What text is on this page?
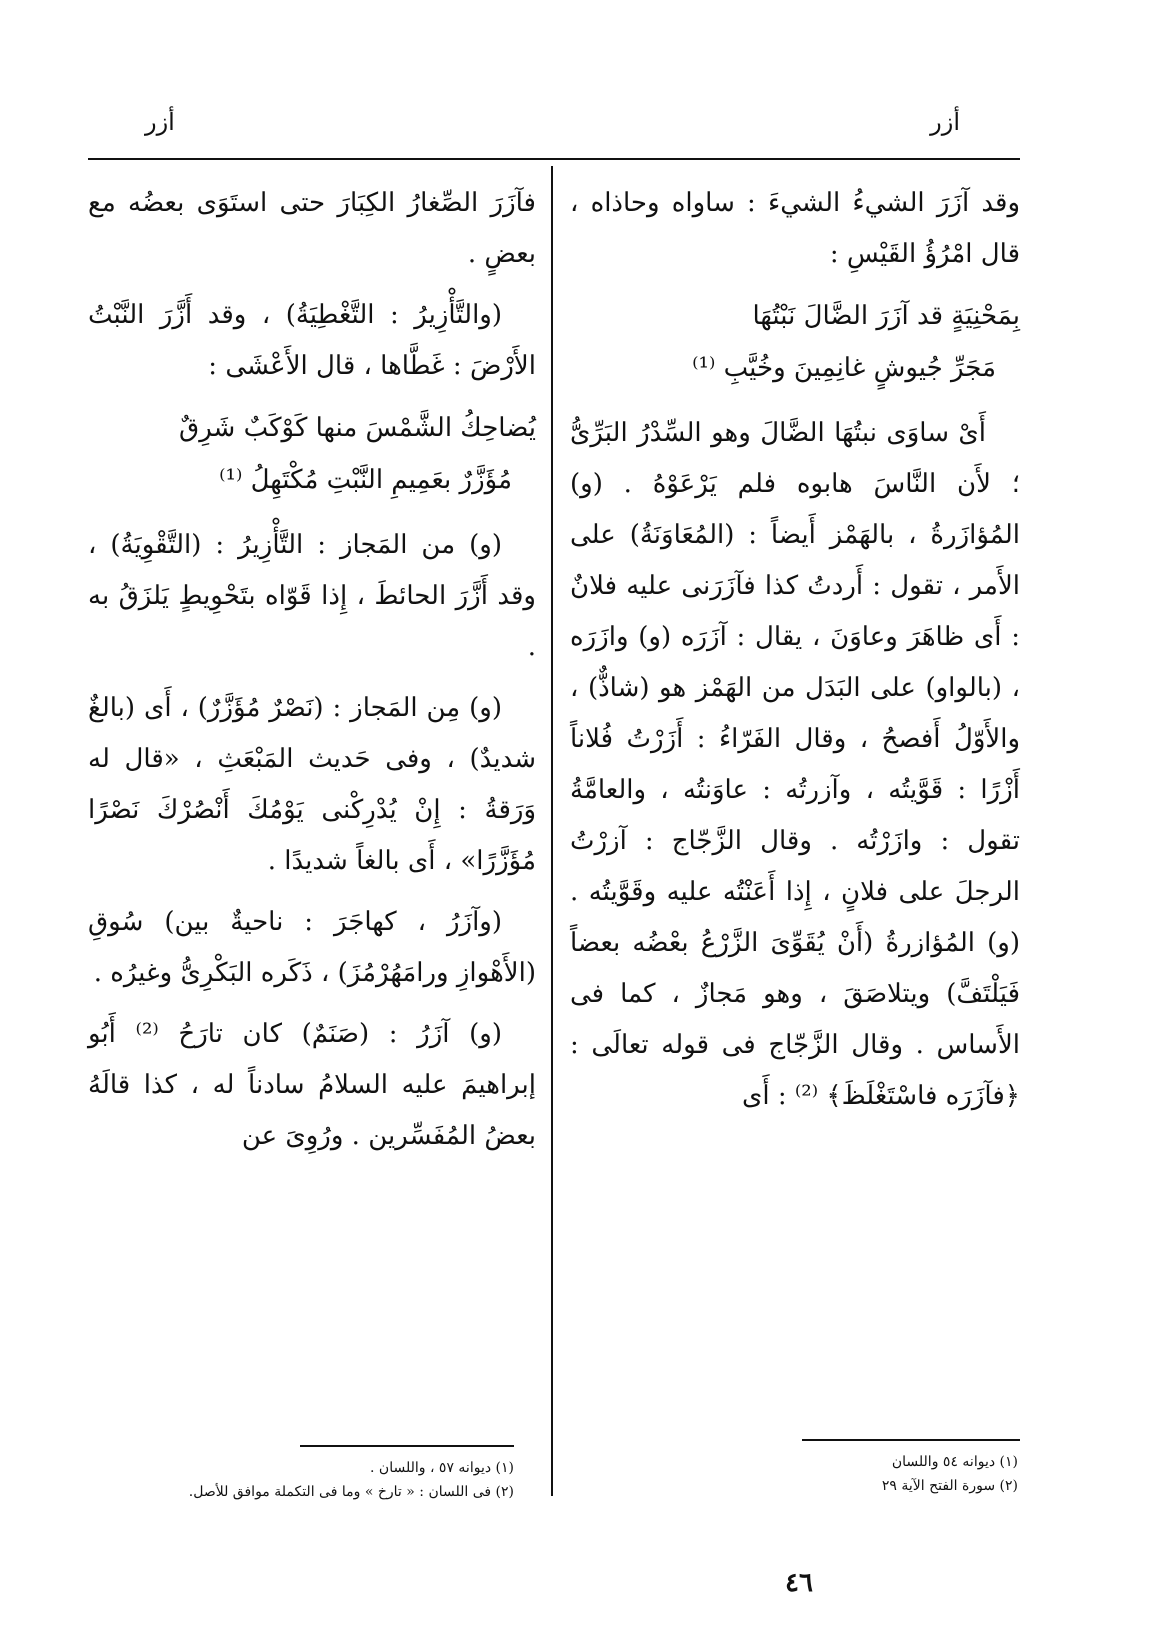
أزر
أزر

وقد آزَرَ الشيءُ الشيءَ : ساواه وحاذاه ، قال امْرُؤُ القَيْسِ :

بِمَحْنِيَةٍ قد آزَرَ الضَّالَ نَبْتُهَا
مَجَرِّ جُيوشٍ غانِمِينَ وخُيَّبِ ⁽¹⁾

أَىْ ساوَى نبتُهَا الضَّالَ وهو السِّدْرُ البَرِّىُّ ؛ لأَن النَّاسَ هابوه فلم يَرْعَوْهُ . (و) المُؤازَرةُ ، بالهَمْز أَيضاً : (المُعَاوَنَةُ) على الأَمر ، تقول : أَردتُ كذا فآزَرَنى عليه فلانٌ : أَى ظاهَرَ وعاوَنَ ، يقال : آزَرَه (و) وازَرَه ، (بالواو) على البَدَل من الهَمْز هو (شاذٌّ) ، والأَوّلُ أَفصحُ ، وقال الفَرّاءُ : أَزَرْتُ فُلاناً أَزْرًا : قَوَّيتُه ، وآزرتُه : عاوَنتُه ، والعامَّةُ تقول : وازَرْتُه . وقال الزَّجّاج : آزرْتُ الرجلَ على فلانٍ ، إِذا أَعَنْتُه عليه وقَوَّيتُه . (و) المُؤازرةُ (أَنْ يُقَوِّىَ الزَّرْعُ بعْضُه بعضاً فَيَلْتَفَّ) ويتلاصَقَ ، وهو مَجازٌ ، كما فى الأَساس . وقال الزَّجّاج فى قوله تعالَى : ﴿فآزَرَه فاسْتَغْلَظَ﴾ ⁽²⁾ : أَى

فآزَرَ الصِّغارُ الكِبَارَ حتى استَوَى بعضُه مع بعضٍ .

(والتَّأْزِيرُ : التَّغْطِيَةُ) ، وقد أَزَّرَ النَّبْتُ الأَرْضَ : غَطَّاها ، قال الأَعْشَى :

يُضاحِكُ الشَّمْسَ منها كَوْكَبٌ شَرِقٌ
مُؤَزَّرٌ بعَمِيمِ النَّبْتِ مُكْتَهِلُ ⁽¹⁾

(و) من المَجاز : التَّأْزِيرُ : (التَّقْوِيَةُ) ، وقد أَزَّرَ الحائطَ ، إِذا قَوّاه بتَحْوِيطٍ يَلزَقُ به .

(و) مِن المَجاز : (نَصْرٌ مُؤَزَّرٌ) ، أَى (بالغٌ شديدٌ) ، وفى حَديث المَبْعَثِ ، «قال له وَرَقةُ : إِنْ يُدْرِكْنى يَوْمُكَ أَنْصُرْكَ نَصْرًا مُؤَزَّرًا» ، أَى بالغاً شديدًا .

(وآزَرُ ، كهاجَرَ : ناحيةٌ بين) سُوقِ (الأَهْوازِ ورامَهُرْمُزَ) ، ذَكَره البَكْرِىُّ وغيرُه .

(و) آزَرُ : (صَنَمٌ) كان تارَحُ ⁽²⁾ أَبُو إبراهيمَ عليه السلامُ سادناً له ، كذا قالَهُ بعضُ المُفَسِّرين . ورُوِىَ عن

(١) ديوانه ٥٤ واللسان
(٢) سورة الفتح الآية ٢٩
(١) ديوانه ٥٧ ، واللسان .
(٢) فى اللسان : « تارخ » وما فى التكملة موافق للأصل.
٤٦
